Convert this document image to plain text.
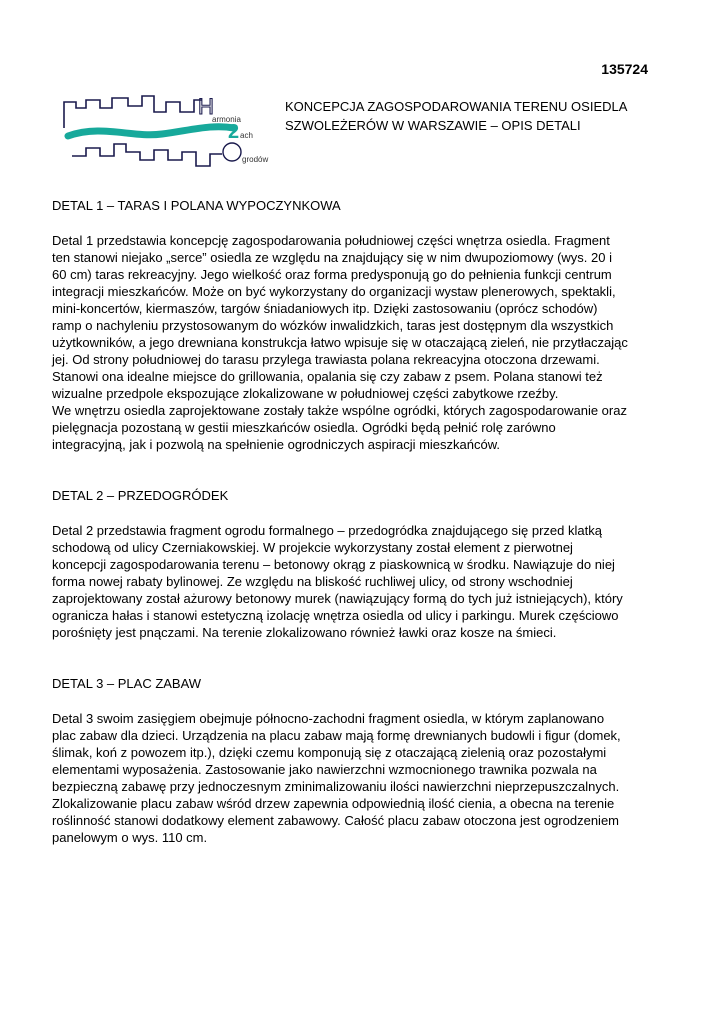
135724
H
armonia
2 ach
grodów

KONCEPCJA ZAGOSPODAROWANIA TERENU OSIEDLA
SZWOLEŻERÓW W WARSZAWIE – OPIS DETALI

DETAL 1 – TARAS I POLANA WYPOCZYNKOWA

Detal 1 przedstawia koncepcję zagospodarowania południowej części wnętrza osiedla. Fragment
ten stanowi niejako „serce” osiedla ze względu na znajdujący się w nim dwupoziomowy (wys. 20 i
60 cm) taras rekreacyjny. Jego wielkość oraz forma predysponują go do pełnienia funkcji centrum
integracji mieszkańców. Może on być wykorzystany do organizacji wystaw plenerowych, spektakli,
mini-koncertów, kiermaszów, targów śniadaniowych itp. Dzięki zastosowaniu (oprócz schodów)
ramp o nachyleniu przystosowanym do wózków inwalidzkich, taras jest dostępnym dla wszystkich
użytkowników, a jego drewniana konstrukcja łatwo wpisuje się w otaczającą zieleń, nie przytłaczając
jej. Od strony południowej do tarasu przylega trawiasta polana rekreacyjna otoczona drzewami.
Stanowi ona idealne miejsce do grillowania, opalania się czy zabaw z psem. Polana stanowi też
wizualne przedpole ekspozujące zlokalizowane w południowej części zabytkowe rzeźby.
We wnętrzu osiedla zaprojektowane zostały także wspólne ogródki, których zagospodarowanie oraz
pielęgnacja pozostaną w gestii mieszkańców osiedla. Ogródki będą pełnić rolę zarówno
integracyjną, jak i pozwolą na spełnienie ogrodniczych aspiracji mieszkańców.

DETAL 2 – PRZEDOGRÓDEK

Detal 2 przedstawia fragment ogrodu formalnego – przedogródka znajdującego się przed klatką
schodową od ulicy Czerniakowskiej. W projekcie wykorzystany został element z pierwotnej
koncepcji zagospodarowania terenu – betonowy okrąg z piaskownicą w środku. Nawiązuje do niej
forma nowej rabaty bylinowej. Ze względu na bliskość ruchliwej ulicy, od strony wschodniej
zaprojektowany został ażurowy betonowy murek (nawiązujący formą do tych już istniejących), który
ogranicza hałas i stanowi estetyczną izolację wnętrza osiedla od ulicy i parkingu. Murek częściowo
porośnięty jest pnączami. Na terenie zlokalizowano również ławki oraz kosze na śmieci.

DETAL 3 – PLAC ZABAW

Detal 3 swoim zasięgiem obejmuje północno-zachodni fragment osiedla, w którym zaplanowano
plac zabaw dla dzieci. Urządzenia na placu zabaw mają formę drewnianych budowli i figur (domek,
ślimak, koń z powozem itp.), dzięki czemu komponują się z otaczającą zielenią oraz pozostałymi
elementami wyposażenia. Zastosowanie jako nawierzchni wzmocnionego trawnika pozwala na
bezpieczną zabawę przy jednoczesnym zminimalizowaniu ilości nawierzchni nieprzepuszczalnych.
Zlokalizowanie placu zabaw wśród drzew zapewnia odpowiednią ilość cienia, a obecna na terenie
roślinność stanowi dodatkowy element zabawowy. Całość placu zabaw otoczona jest ogrodzeniem
panelowym o wys. 110 cm.
